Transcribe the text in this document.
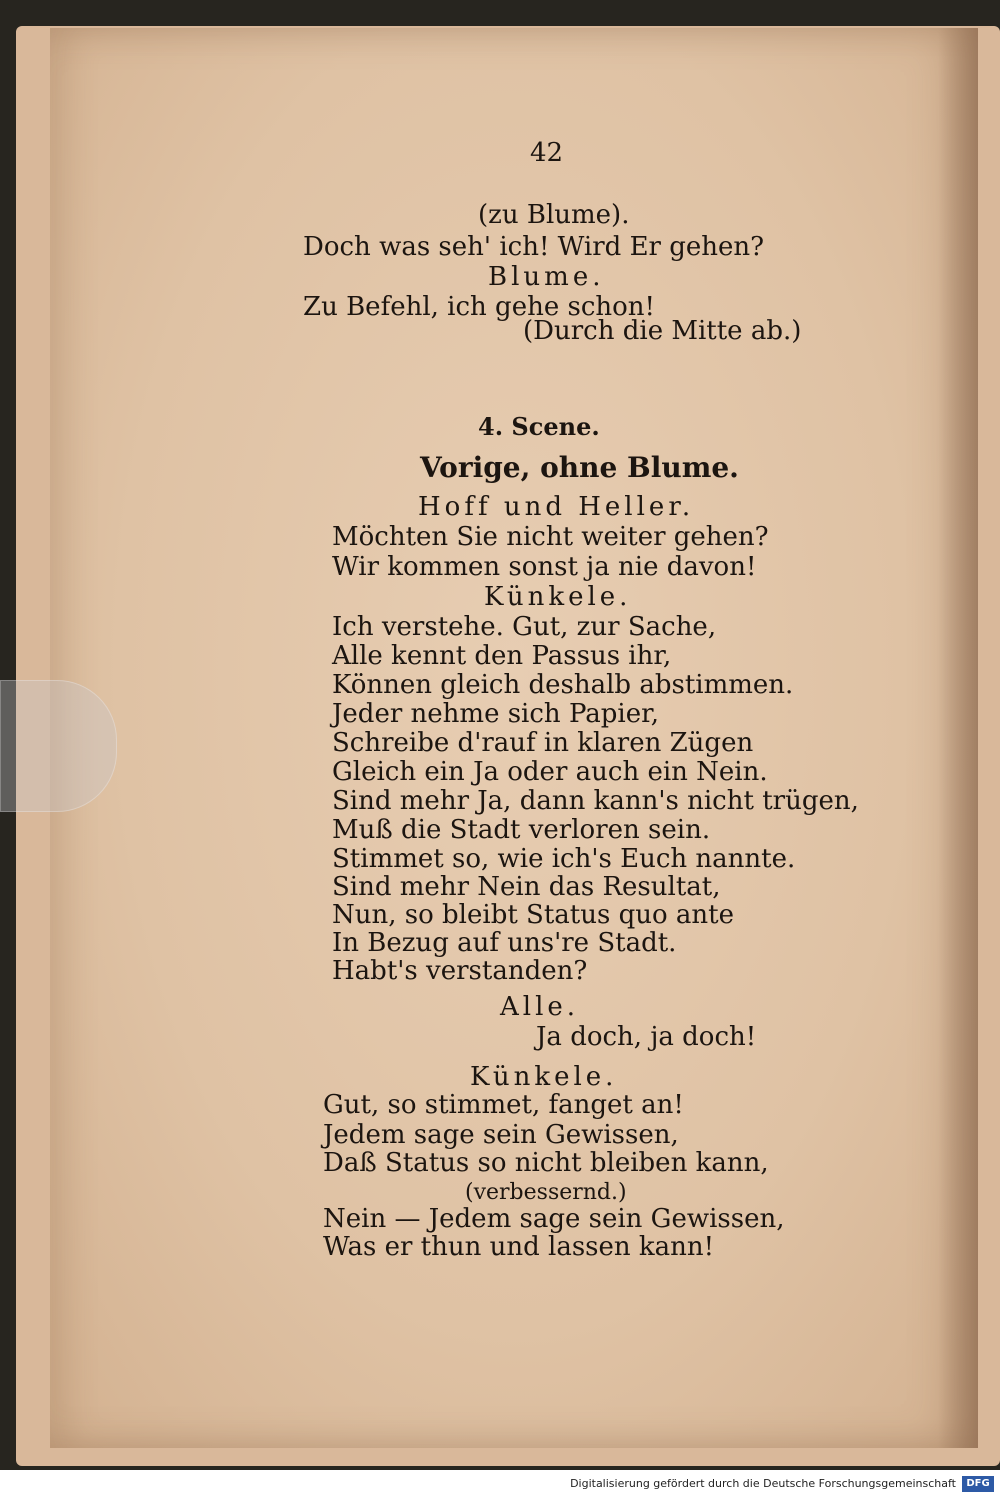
42
(zu Blume).
Doch was seh' ich! Wird Er gehen?
Blume.
Zu Befehl, ich gehe schon!
(Durch die Mitte ab.)
4. Scene.
Vorige, ohne Blume.
Hoff und Heller.
Möchten Sie nicht weiter gehen?
Wir kommen sonst ja nie davon!
Künkele.
Ich verstehe. Gut, zur Sache,
Alle kennt den Passus ihr,
Können gleich deshalb abstimmen.
Jeder nehme sich Papier,
Schreibe d'rauf in klaren Zügen
Gleich ein Ja oder auch ein Nein.
Sind mehr Ja, dann kann's nicht trügen,
Muß die Stadt verloren sein.
Stimmet so, wie ich's Euch nannte.
Sind mehr Nein das Resultat,
Nun, so bleibt Status quo ante
In Bezug auf uns're Stadt.
Habt's verstanden?
Alle.
Ja doch, ja doch!
Künkele.
Gut, so stimmet, fanget an!
Jedem sage sein Gewissen,
Daß Status so nicht bleiben kann,
(verbessernd.)
Nein — Jedem sage sein Gewissen,
Was er thun und lassen kann!
Digitalisierung gefördert durch die Deutsche Forschungsgemeinschaft	DFG
